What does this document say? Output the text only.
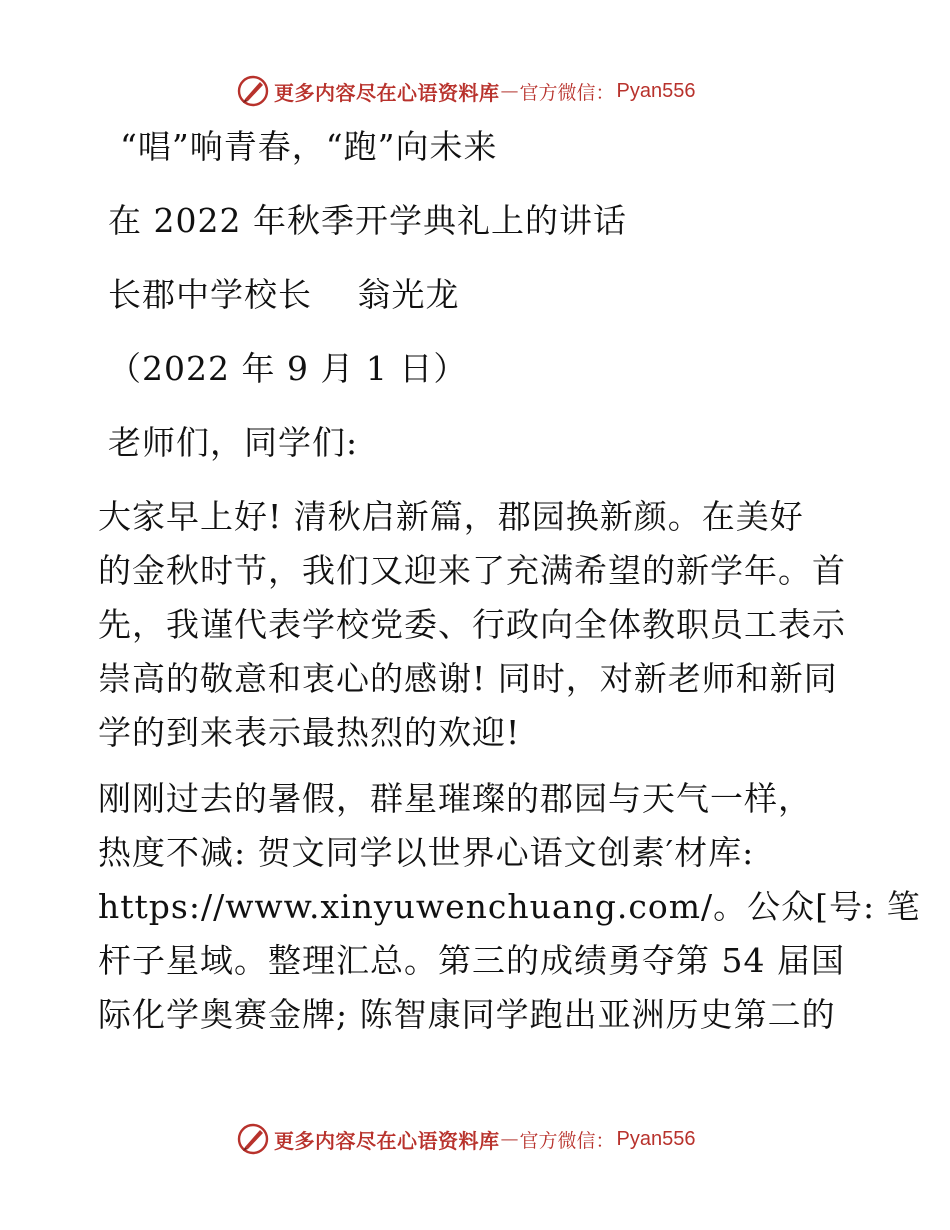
更多内容尽在心语资料库 — 官方微信： Pyan556
“唱”响青春，“跑”向未来
在 2022 年秋季开学典礼上的讲话
长郡中学校长　 翁光龙
（2022 年 9 月 1 日）
老师们，同学们:
大家早上好! 清秋启新篇，郡园换新颜。在美好
的金秋时节，我们又迎来了充满希望的新学年。首
先，我谨代表学校党委、行政向全体教职员工表示
崇高的敬意和衷心的感谢! 同时，对新老师和新同
学的到来表示最热烈的欢迎!
刚刚过去的暑假，群星璀璨的郡园与天气一样，
热度不减: 贺文同学以世界心语文创素′材库:
https://www.xinyuwenchuang.com/。公众[号: 笔
杆子星域。整理汇总。第三的成绩勇夺第 54 届国
际化学奥赛金牌; 陈智康同学跑出亚洲历史第二的
更多内容尽在心语资料库 — 官方微信： Pyan556
